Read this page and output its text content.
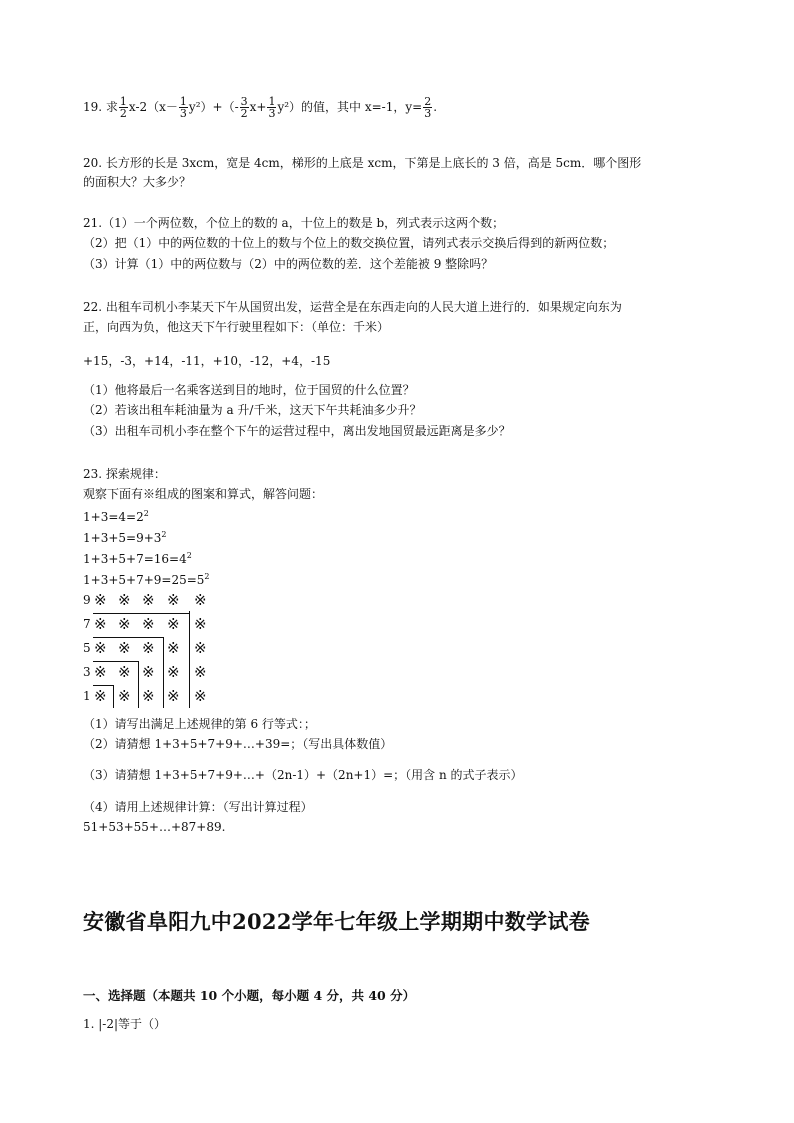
19. 求 $\frac{1}{2} x-2(x- \frac{1}{3} y^2)+(- \frac{3}{2} x+ \frac{1}{3} y^2)$的值，其中 x=-1，$y= \frac{2}{3}$ .
20. 长方形的长是 3xcm，宽是 4cm，梯形的上底是 xcm，下第是上底长的 3 倍，高是 5cm．哪个图形
的面积大？大多少？
21.（1）一个两位数，个位上的数的 a，十位上的数是 b，列式表示这两个数；
（2）把（1）中的两位数的十位上的数与个位上的数交换位置，请列式表示交换后得到的新两位数；
（3）计算（1）中的两位数与（2）中的两位数的差．这个差能被 9 整除吗？
22. 出租车司机小李某天下午从国贸出发，运营全是在东西走向的人民大道上进行的．如果规定向东为
正，向西为负，他这天下午行驶里程如下：（单位：千米）
+15，-3，+14，-11，+10，-12，+4，-15
（1）他将最后一名乘客送到目的地时，位于国贸的什么位置？
（2）若该出租车耗油量为 a 升/千米，这天下午共耗油多少升？
（3）出租车司机小李在整个下午的运营过程中，离出发地国贸最远距离是多少？
23. 探索规律：
观察下面有※组成的图案和算式，解答问题：
$1+3=4=2^2$
$1+3+5=9+3^2$
$1+3+5+7=16=4^2$
$1+3+5+7+9=25=5^2$
9
7
5
3
1
※ ※ ※ ※ ※
※ ※ ※ ※ ※
※ ※ ※ ※ ※
※ ※ ※ ※ ※
※ ※ ※ ※ ※
（1）请写出满足上述规律的第 6 行等式：；
（2）请猜想 1+3+5+7+9+…+39=；（写出具体数值）
（3）请猜想 1+3+5+7+9+…+（2n-1）+（2n+1）=；（用含 n 的式子表示）
（4）请用上述规律计算：（写出计算过程）
51+53+55+…+87+89.
安徽省阜阳九中2022学年七年级上学期期中数学试卷
一、选择题（本题共 10 个小题，每小题 4 分，共 40 分）
1. |-2|等于（）
